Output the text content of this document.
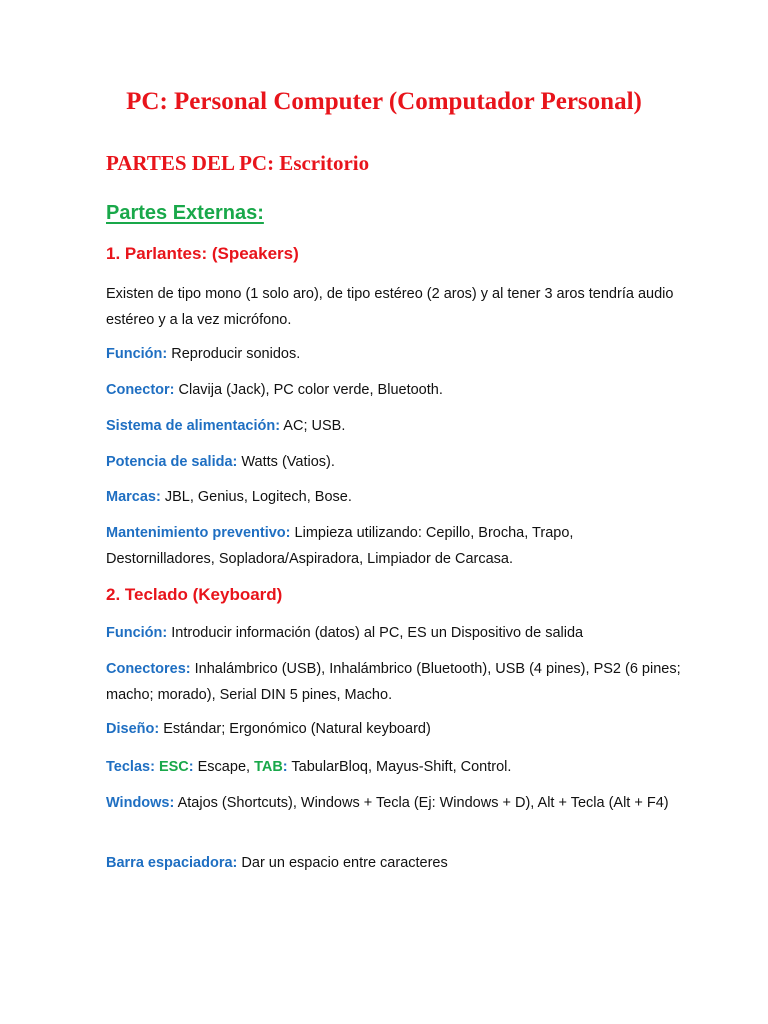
PC: Personal Computer (Computador Personal)
PARTES DEL PC: Escritorio
Partes Externas:
1. Parlantes: (Speakers)

Existen de tipo mono (1 solo aro), de tipo estéreo (2 aros) y al tener 3 aros tendría audio estéreo y a la vez micrófono.

Función: Reproducir sonidos.

Conector: Clavija (Jack), PC color verde, Bluetooth.

Sistema de alimentación: AC; USB.

Potencia de salida: Watts (Vatios).

Marcas: JBL, Genius, Logitech, Bose.

Mantenimiento preventivo: Limpieza utilizando: Cepillo, Brocha, Trapo, Destornilladores, Sopladora/Aspiradora, Limpiador de Carcasa.

2. Teclado (Keyboard)

Función: Introducir información (datos) al PC, ES un Dispositivo de salida

Conectores: Inhalámbrico (USB), Inhalámbrico (Bluetooth), USB (4 pines), PS2 (6 pines; macho; morado), Serial DIN 5 pines, Macho.

Diseño: Estándar; Ergonómico (Natural keyboard)

Teclas: ESC: Escape, TAB: TabularBloq, Mayus-Shift, Control.

Windows: Atajos (Shortcuts), Windows + Tecla (Ej: Windows + D), Alt + Tecla (Alt + F4)

Barra espaciadora: Dar un espacio entre caracteres
